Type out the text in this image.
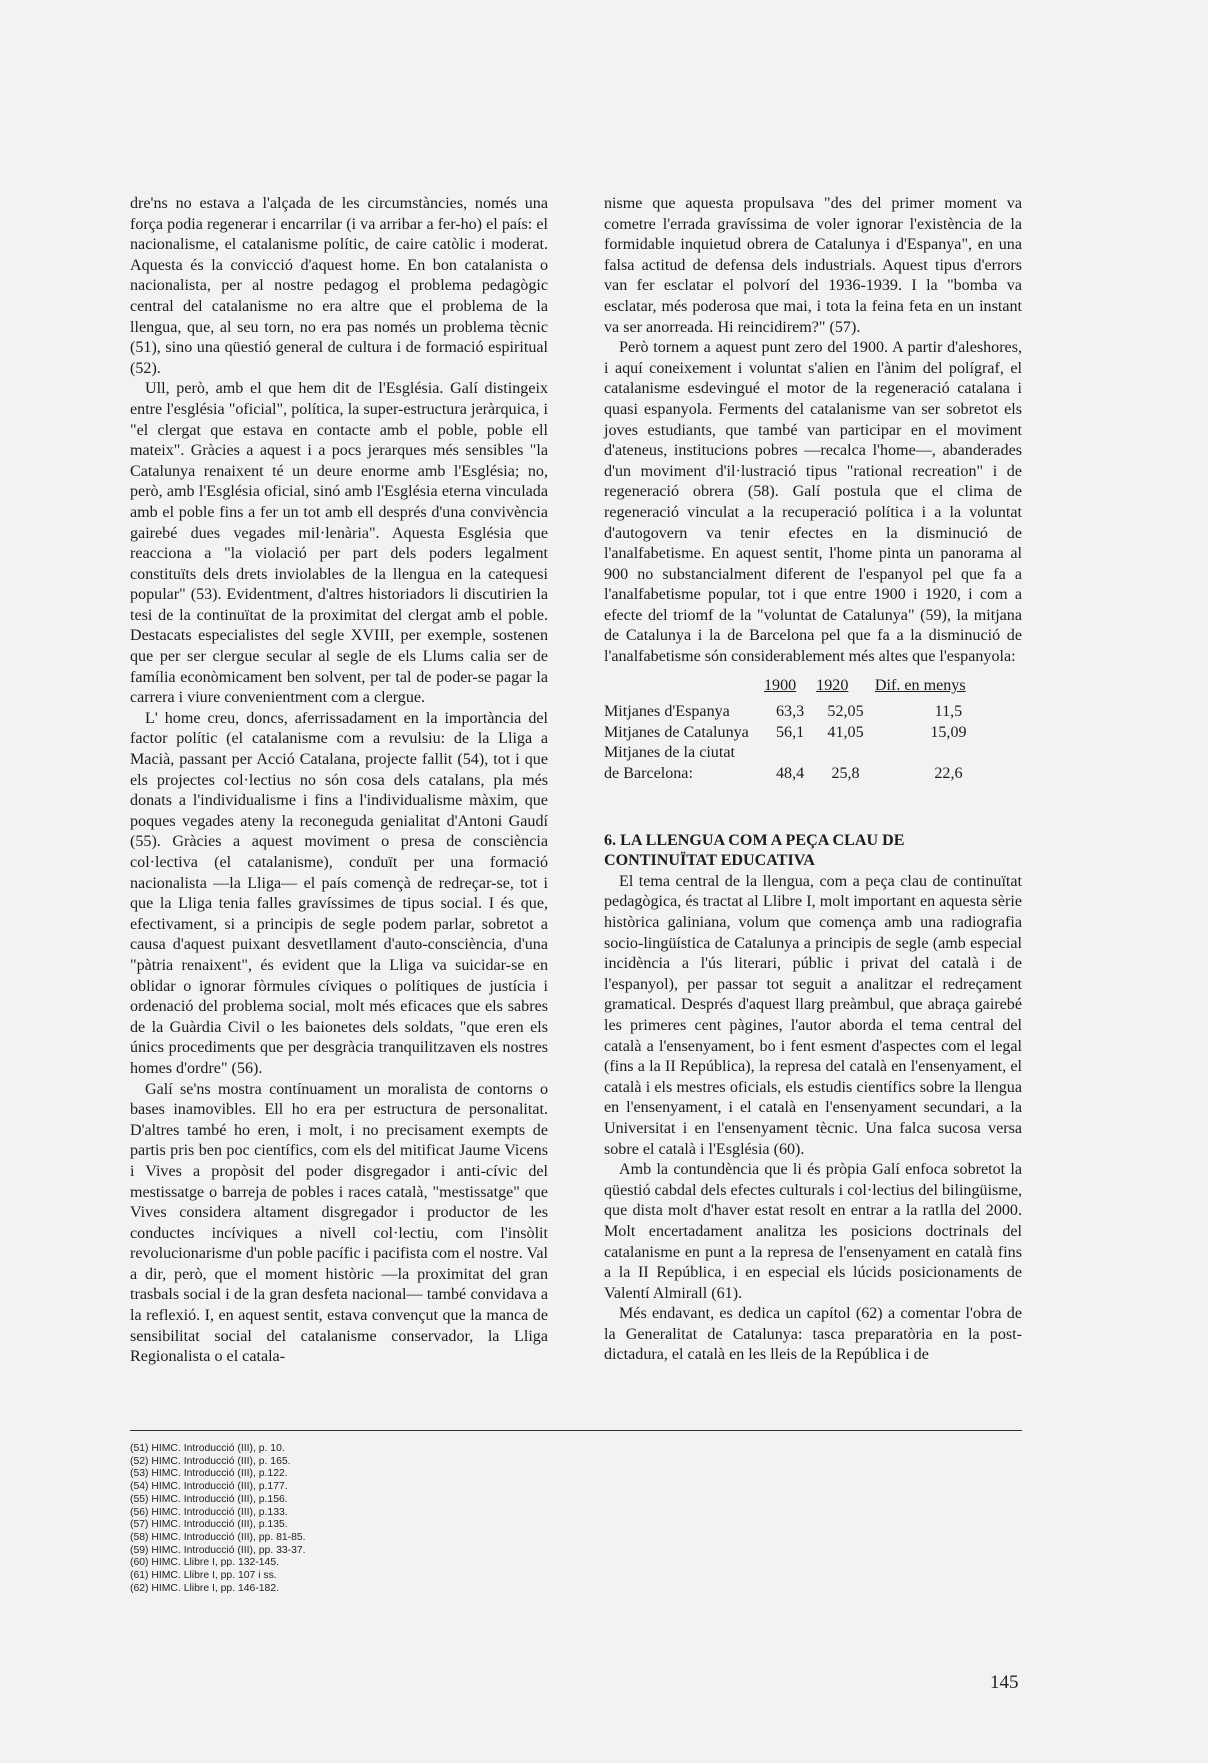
dre'ns no estava a l'alçada de les circumstàncies, només una força podia regenerar i encarrilar (i va arribar a fer-ho) el país: el nacionalisme, el catalanisme polític, de caire catòlic i moderat. Aquesta és la convicció d'aquest home. En bon catalanista o nacionalista, per al nostre pedagog el problema pedagògic central del catalanisme no era altre que el problema de la llengua, que, al seu torn, no era pas només un problema tècnic (51), sino una qüestió general de cultura i de formació espiritual (52).

Ull, però, amb el que hem dit de l'Església. Galí distingeix entre l'església "oficial", política, la super-estructura jeràrquica, i "el clergat que estava en contacte amb el poble, poble ell mateix". Gràcies a aquest i a pocs jerarques més sensibles "la Catalunya renaixent té un deure enorme amb l'Església; no, però, amb l'Església oficial, sinó amb l'Església eterna vinculada amb el poble fins a fer un tot amb ell després d'una convivència gairebé dues vegades mil·lenària". Aquesta Església que reacciona a "la violació per part dels poders legalment constituïts dels drets inviolables de la llengua en la catequesi popular" (53). Evidentment, d'altres historiadors li discutirien la tesi de la continuïtat de la proximitat del clergat amb el poble. Destacats especialistes del segle XVIII, per exemple, sostenen que per ser clergue secular al segle de els Llums calia ser de família econòmicament ben solvent, per tal de poder-se pagar la carrera i viure convenientment com a clergue.

L' home creu, doncs, aferrissadament en la importància del factor polític (el catalanisme com a revulsiu: de la Lliga a Macià, passant per Acció Catalana, projecte fallit (54), tot i que els projectes col·lectius no són cosa dels catalans, pla més donats a l'individualisme i fins a l'individualisme màxim, que poques vegades ateny la reconeguda genialitat d'Antoni Gaudí (55). Gràcies a aquest moviment o presa de consciència col·lectiva (el catalanisme), conduït per una formació nacionalista —la Lliga— el país començà de redreçar-se, tot i que la Lliga tenia falles gravíssimes de tipus social. I és que, efectivament, si a principis de segle podem parlar, sobretot a causa d'aquest puixant desvetllament d'auto-consciència, d'una "pàtria renaixent", és evident que la Lliga va suicidar-se en oblidar o ignorar fòrmules cíviques o polítiques de justícia i ordenació del problema social, molt més eficaces que els sabres de la Guàrdia Civil o les baionetes dels soldats, "que eren els únics procediments que per desgràcia tranquilitzaven els nostres homes d'ordre" (56).

Galí se'ns mostra contínuament un moralista de contorns o bases inamovibles. Ell ho era per estructura de personalitat. D'altres també ho eren, i molt, i no precisament exempts de partis pris ben poc científics, com els del mitificat Jaume Vicens i Vives a propòsit del poder disgregador i anti-cívic del mestissatge o barreja de pobles i races català, "mestissatge" que Vives considera altament disgregador i productor de les conductes incíviques a nivell col·lectiu, com l'insòlit revolucionarisme d'un poble pacífic i pacifista com el nostre. Val a dir, però, que el moment històric —la proximitat del gran trasbals social i de la gran desfeta nacional— també convidava a la reflexió. I, en aquest sentit, estava convençut que la manca de sensibilitat social del catalanisme conservador, la Lliga Regionalista o el catala-

nisme que aquesta propulsava "des del primer moment va cometre l'errada gravíssima de voler ignorar l'existència de la formidable inquietud obrera de Catalunya i d'Espanya", en una falsa actitud de defensa dels industrials. Aquest tipus d'errors van fer esclatar el polvorí del 1936-1939. I la "bomba va esclatar, més poderosa que mai, i tota la feina feta en un instant va ser anorreada. Hi reincidirem?" (57).

Però tornem a aquest punt zero del 1900. A partir d'aleshores, i aquí coneixement i voluntat s'alien en l'ànim del polígraf, el catalanisme esdevingué el motor de la regeneració catalana i quasi espanyola. Ferments del catalanisme van ser sobretot els joves estudiants, que també van participar en el moviment d'ateneus, institucions pobres —recalca l'home—, abanderades d'un moviment d'il·lustració tipus "rational recreation" i de regeneració obrera (58). Galí postula que el clima de regeneració vinculat a la recuperació política i a la voluntat d'autogovern va tenir efectes en la disminució de l'analfabetisme. En aquest sentit, l'home pinta un panorama al 900 no substancialment diferent de l'espanyol pel que fa a l'analfabetisme popular, tot i que entre 1900 i 1920, i com a efecte del triomf de la "voluntat de Catalunya" (59), la mitjana de Catalunya i la de Barcelona pel que fa a la disminució de l'analfabetisme són considerablement més altes que l'espanyola:

	1900	1920	Dif. en menys
Mitjanes d'Espanya	63,3	52,05	11,5
Mitjanes de Catalunya	56,1	41,05	15,09
Mitjanes de la ciutat			
de Barcelona:	48,4	25,8	22,6
6. LA LLENGUA COM A PEÇA CLAU DE
CONTINUÏTAT EDUCATIVA

El tema central de la llengua, com a peça clau de continuïtat pedagògica, és tractat al Llibre I, molt important en aquesta sèrie històrica galiniana, volum que comença amb una radiografia socio-lingüística de Catalunya a principis de segle (amb especial incidència a l'ús literari, públic i privat del català i de l'espanyol), per passar tot seguit a analitzar el redreçament gramatical. Després d'aquest llarg preàmbul, que abraça gairebé les primeres cent pàgines, l'autor aborda el tema central del català a l'ensenyament, bo i fent esment d'aspectes com el legal (fins a la II República), la represa del català en l'ensenyament, el català i els mestres oficials, els estudis científics sobre la llengua en l'ensenyament, i el català en l'ensenyament secundari, a la Universitat i en l'ensenyament tècnic. Una falca sucosa versa sobre el català i l'Església (60).

Amb la contundència que li és pròpia Galí enfoca sobretot la qüestió cabdal dels efectes culturals i col·lectius del bilingüisme, que dista molt d'haver estat resolt en entrar a la ratlla del 2000. Molt encertadament analitza les posicions doctrinals del catalanisme en punt a la represa de l'ensenyament en català fins a la II República, i en especial els lúcids posicionaments de Valentí Almirall (61).

Més endavant, es dedica un capítol (62) a comentar l'obra de la Generalitat de Catalunya: tasca preparatòria en la post-dictadura, el català en les lleis de la República i de

(51) HIMC. Introducció (III), p. 10.
(52) HIMC. Introducció (III), p. 165.
(53) HIMC. Introducció (III), p.122.
(54) HIMC. Introducció (III), p.177.
(55) HIMC. Introducció (III), p.156.
(56) HIMC. Introducció (III), p.133.
(57) HIMC. Introducció (III), p.135.
(58) HIMC. Introducció (III), pp. 81-85.
(59) HIMC. Introducció (III), pp. 33-37.
(60) HIMC. Llibre I, pp. 132-145.
(61) HIMC. Llibre I, pp. 107 i ss.
(62) HIMC. Llibre I, pp. 146-182.
145
